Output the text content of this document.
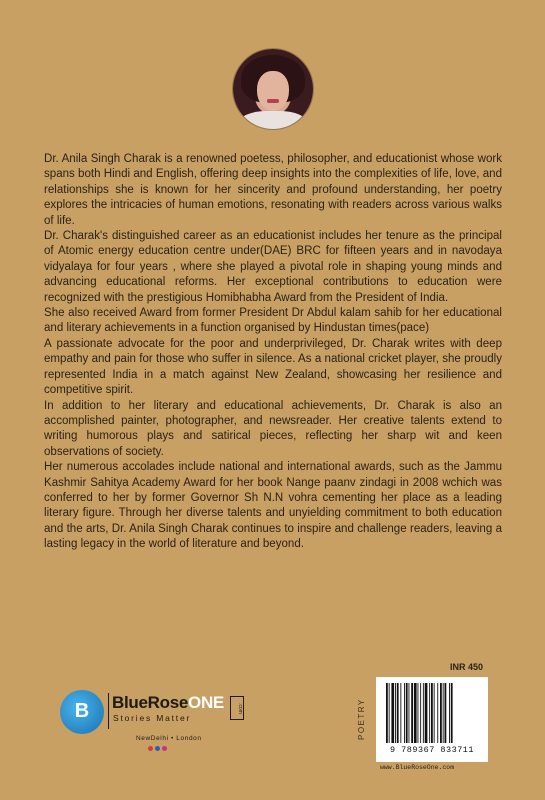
Dr. Anila Singh Charak is a renowned poetess, philosopher, and educationist whose work spans both Hindi and English, offering deep insights into the complexities of life, love, and relationships she is known for her sincerity and profound understanding, her poetry explores the intricacies of human emotions, resonating with readers across various walks of life.

Dr. Charak's distinguished career as an educationist includes her tenure as the principal of Atomic energy education centre under(DAE) BRC for fifteen years and in navodaya vidyalaya for four years , where she played a pivotal role in shaping young minds and advancing educational reforms. Her exceptional contributions to education were recognized with the prestigious Homibhabha Award from the President of India.

She also received Award from former President Dr Abdul kalam sahib for her educational and literary achievements in a function organised by Hindustan times(pace)

A passionate advocate for the poor and underprivileged, Dr. Charak writes with deep empathy and pain for those who suffer in silence. As a national cricket player, she proudly represented India in a match against New Zealand, showcasing her resilience and competitive spirit.

In addition to her literary and educational achievements, Dr. Charak is also an accomplished painter, photographer, and newsreader. Her creative talents extend to writing humorous plays and satirical pieces, reflecting her sharp wit and keen observations of society.

Her numerous accolades include national and international awards, such as the Jammu Kashmir Sahitya Academy Award for her book Nange paanv zindagi in 2008 wchich was conferred to her by former Governor Sh N.N vohra cementing her place as a leading literary figure. Through her diverse talents and unyielding commitment to both education and the arts, Dr. Anila Singh Charak continues to inspire and challenge readers, leaving a lasting legacy in the world of literature and beyond.

INR 450
POETRY
9 789367 833711
www.BlueRoseOne.com
B	BlueRoseONE	.com
Stories Matter
NewDelhi • London
